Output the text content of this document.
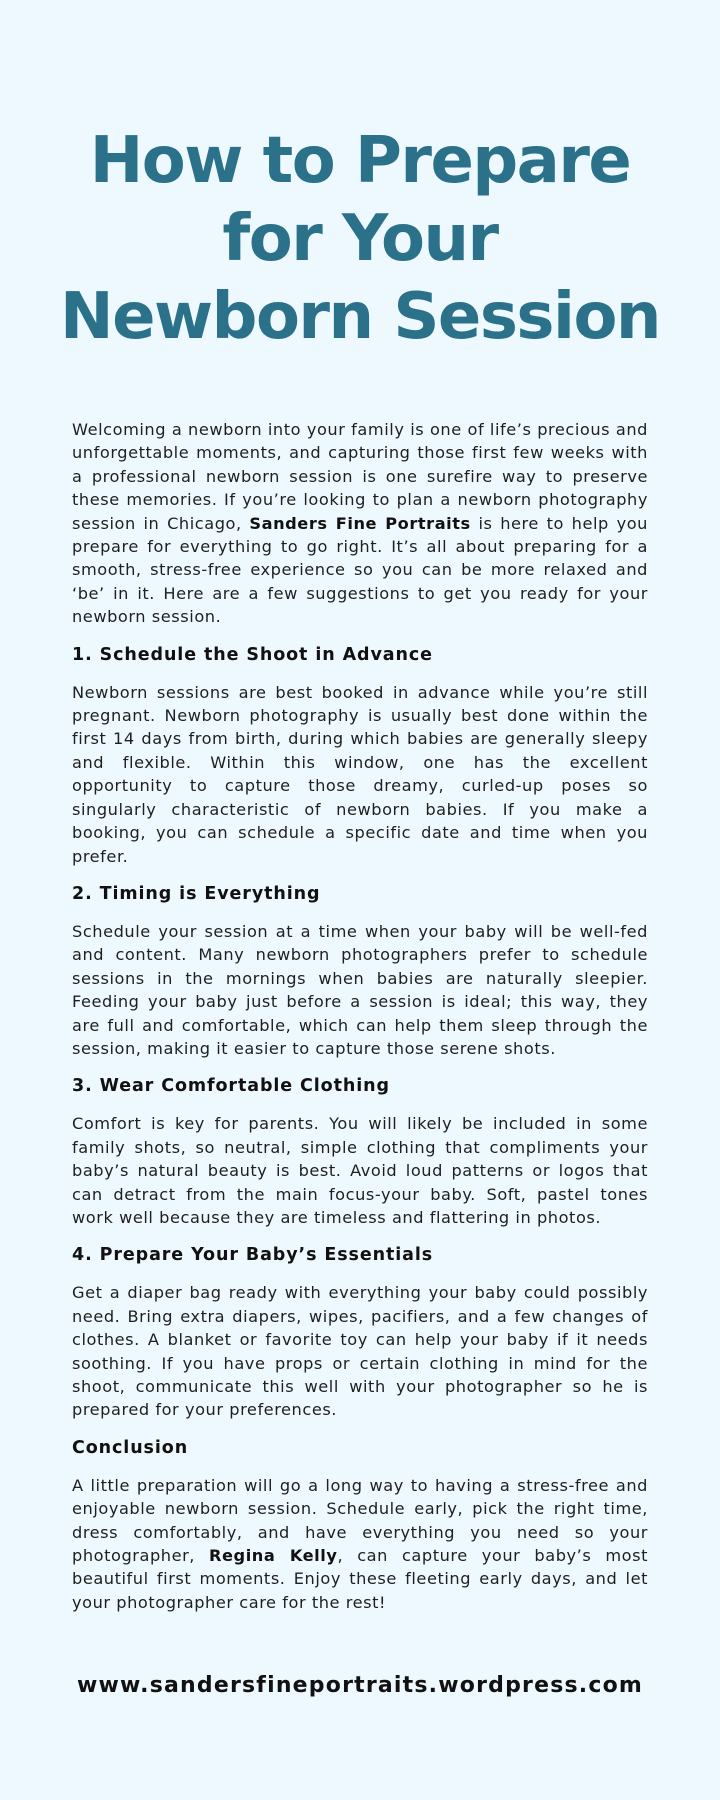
How to Prepare for Your Newborn Session

Welcoming a newborn into your family is one of life’s precious and unforgettable moments, and capturing those first few weeks with a professional newborn session is one surefire way to preserve these memories. If you’re looking to plan a newborn photography session in Chicago, Sanders Fine Portraits is here to help you prepare for everything to go right. It’s all about preparing for a smooth, stress-free experience so you can be more relaxed and ‘be’ in it. Here are a few suggestions to get you ready for your newborn session.

1. Schedule the Shoot in Advance

Newborn sessions are best booked in advance while you’re still pregnant. Newborn photography is usually best done within the first 14 days from birth, during which babies are generally sleepy and flexible. Within this window, one has the excellent opportunity to capture those dreamy, curled-up poses so singularly characteristic of newborn babies. If you make a booking, you can schedule a specific date and time when you prefer.

2. Timing is Everything

Schedule your session at a time when your baby will be well-fed and content. Many newborn photographers prefer to schedule sessions in the mornings when babies are naturally sleepier. Feeding your baby just before a session is ideal; this way, they are full and comfortable, which can help them sleep through the session, making it easier to capture those serene shots.

3. Wear Comfortable Clothing

Comfort is key for parents. You will likely be included in some family shots, so neutral, simple clothing that compliments your baby’s natural beauty is best. Avoid loud patterns or logos that can detract from the main focus-your baby. Soft, pastel tones work well because they are timeless and flattering in photos.

4. Prepare Your Baby’s Essentials

Get a diaper bag ready with everything your baby could possibly need. Bring extra diapers, wipes, pacifiers, and a few changes of clothes. A blanket or favorite toy can help your baby if it needs soothing. If you have props or certain clothing in mind for the shoot, communicate this well with your photographer so he is prepared for your preferences.

Conclusion

A little preparation will go a long way to having a stress-free and enjoyable newborn session. Schedule early, pick the right time, dress comfortably, and have everything you need so your photographer, Regina Kelly, can capture your baby’s most beautiful first moments. Enjoy these fleeting early days, and let your photographer care for the rest!

www.sandersfineportraits.wordpress.com
